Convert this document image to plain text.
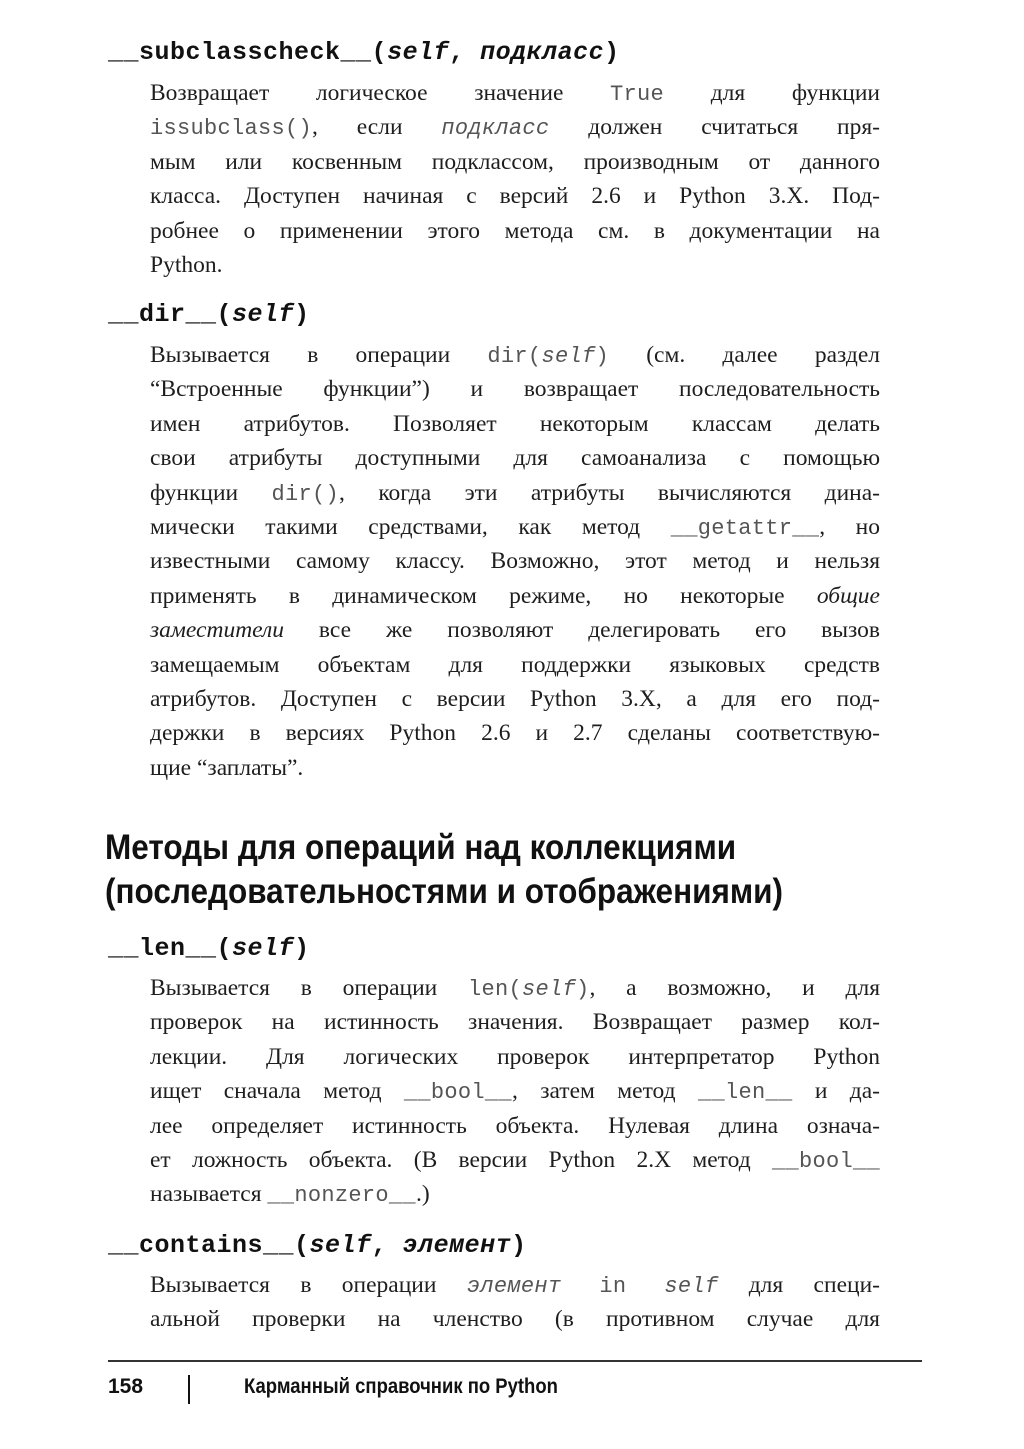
__subclasscheck__(self, подкласс)
Возвращает логическое значение True для функции
issubclass(), если подкласс должен считаться пря-
мым или косвенным подклассом, производным от данного
класса. Доступен начиная с версий 2.6 и Python 3.X. Под-
робнее о применении этого метода см. в документации на
Python.
__dir__(self)
Вызывается в операции dir(self) (см. далее раздел
“Встроенные функции”) и возвращает последовательность
имен атрибутов. Позволяет некоторым классам делать
свои атрибуты доступными для самоанализа с помощью
функции dir(), когда эти атрибуты вычисляются дина-
мически такими средствами, как метод __getattr__, но
известными самому классу. Возможно, этот метод и нельзя
применять в динамическом режиме, но некоторые общие
заместители все же позволяют делегировать его вызов
замещаемым объектам для поддержки языковых средств
атрибутов. Доступен с версии Python 3.X, а для его под-
держки в версиях Python 2.6 и 2.7 сделаны соответствую-
щие “заплаты”.
Методы для операций над коллекциями
(последовательностями и отображениями)
__len__(self)
Вызывается в операции len(self), а возможно, и для
проверок на истинность значения. Возвращает размер кол-
лекции. Для логических проверок интерпретатор Python
ищет сначала метод __bool__, затем метод __len__ и да-
лее определяет истинность объекта. Нулевая длина означа-
ет ложность объекта. (В версии Python 2.X метод __bool__
называется __nonzero__.)
__contains__(self, элемент)
Вызывается в операции элемент in self для специ-
альной проверки на членство (в противном случае для
158	Карманный справочник по Python
